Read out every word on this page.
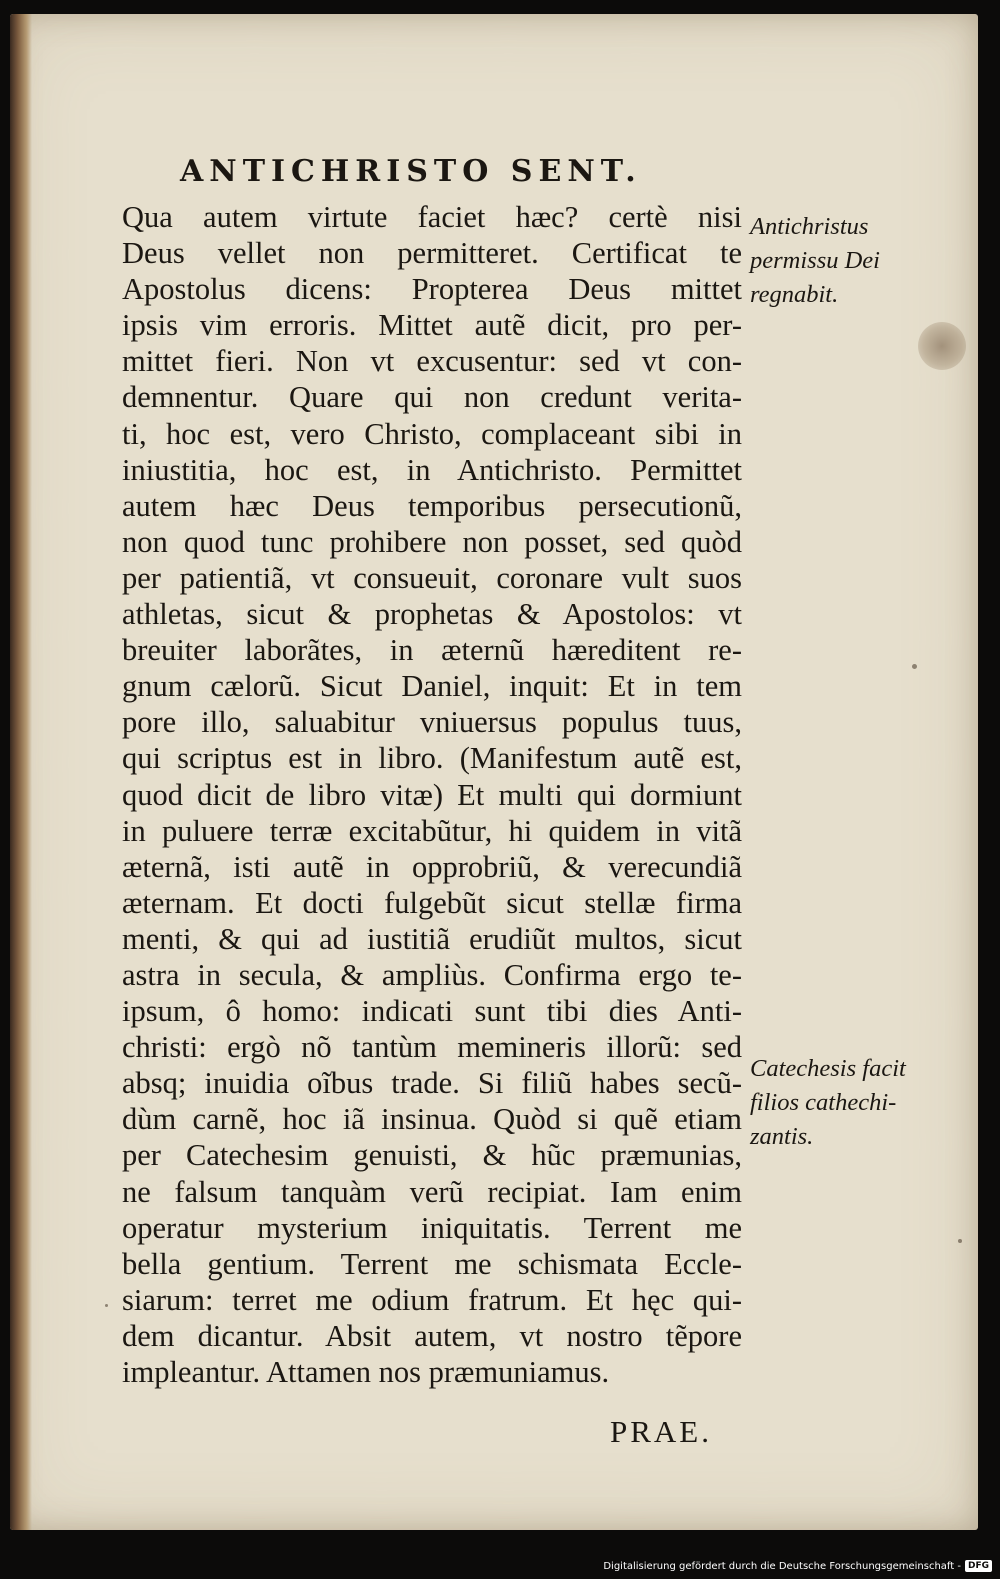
ANTICHRISTO SENT.
Qua autem virtute faciet hæc? certè nisi
Deus vellet non permitteret. Certificat te
Apostolus dicens: Propterea Deus mittet
ipsis vim erroris. Mittet autẽ dicit, pro per-
mittet fieri. Non vt excusentur: sed vt con-
demnentur. Quare qui non credunt verita-
ti, hoc est, vero Christo, complaceant sibi in
iniustitia, hoc est, in Antichristo. Permittet
autem hæc Deus temporibus persecutionũ,
non quod tunc prohibere non posset, sed quòd
per patientiã, vt consueuit, coronare vult suos
athletas, sicut & prophetas & Apostolos: vt
breuiter laborãtes, in æternũ hæreditent re-
gnum cælorũ. Sicut Daniel, inquit: Et in tem
pore illo, saluabitur vniuersus populus tuus,
qui scriptus est in libro. (Manifestum autẽ est,
quod dicit de libro vitæ) Et multi qui dormiunt
in puluere terræ excitabũtur, hi quidem in vitã
æternã, isti autẽ in opprobriũ, & verecundiã
æternam. Et docti fulgebũt sicut stellæ firma
menti, & qui ad iustitiã erudiũt multos, sicut
astra in secula, & ampliùs. Confirma ergo te-
ipsum, ô homo: indicati sunt tibi dies Anti-
christi: ergò nõ tantùm memineris illorũ: sed
absq; inuidia oĩbus trade. Si filiũ habes secũ-
dùm carnẽ, hoc iã insinua. Quòd si quẽ etiam
per Catechesim genuisti, & hũc præmunias,
ne falsum tanquàm verũ recipiat. Iam enim
operatur mysterium iniquitatis. Terrent me
bella gentium. Terrent me schismata Eccle-
siarum: terret me odium fratrum. Et hęc qui-
dem dicantur. Absit autem, vt nostro tẽpore
impleantur. Attamen nos præmuniamus.
Antichristus
permissu Dei
regnabit.
Catechesis facit
filios cathechi-
zantis.
PRAE.
Digitalisierung gefördert durch die Deutsche Forschungsgemeinschaft - DFG
